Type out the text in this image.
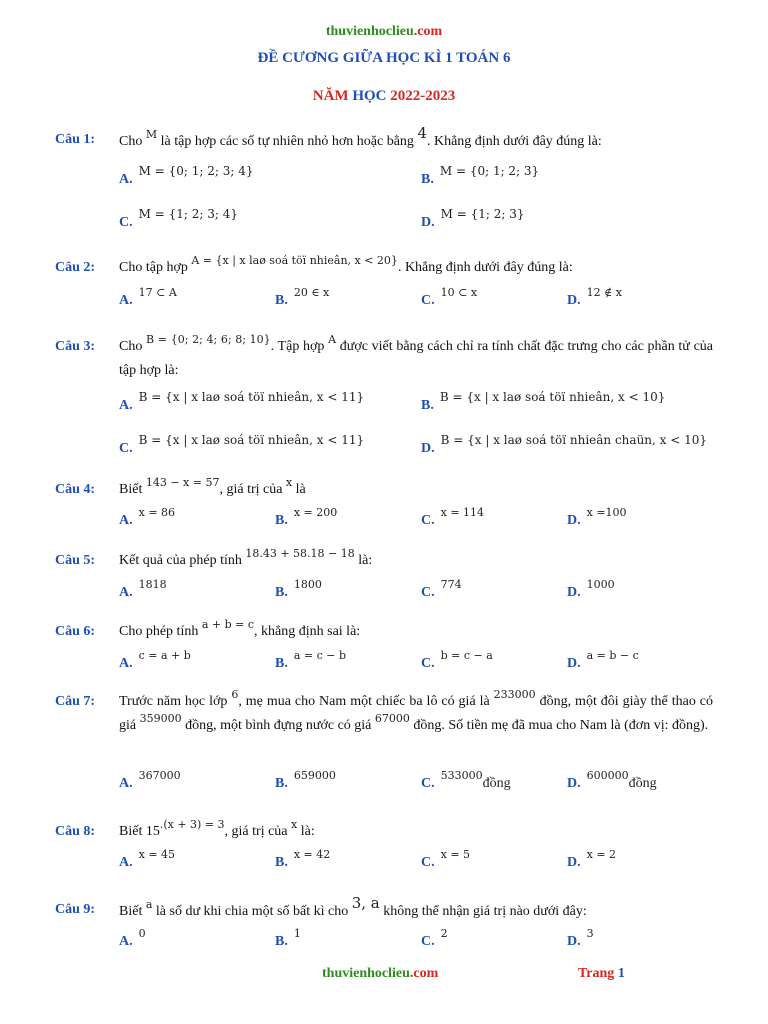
thuvienhoclieu.com
ĐỀ CƯƠNG GIỮA HỌC KÌ 1 TOÁN 6
NĂM HỌC 2022-2023
Câu 1: Cho $^M$ là tập hợp các số tự nhiên nhỏ hơn hoặc bằng 4. Khẳng định dưới đây đúng là:
A.M = {0; 1; 2; 3; 4}
B.M = {0; 1; 2; 3}
C.M = {1; 2; 3; 4}
D.M = {1; 2; 3}
Câu 2: Cho tập hợp $^{A = \{x | x laø soá töï nhieân, x < 20\}}$. Khẳng định dưới đây đúng là:
A.$^{17 \subset A}$
B.$^{20 \in x}$
C.$^{10 \subset x}$
D.$^{12 \notin x}$
Câu 3: Cho $^{B = \{0; 2; 4; 6; 8; 10\}}$. Tập hợp $^A$ được viết bằng cách chỉ ra tính chất đặc trưng cho các phần tử của tập hợp là:
A.B = {x | x laø soá töï nhieân, x < 11}
B.B = {x | x laø soá töï nhieân, x < 10}
C.B = {x | x laø soá töï nhieân, x < 11}
D.B = {x | x laø soá töï nhieân chaün, x < 10}
Câu 4: Biết $^{143 - x = 57}$, giá trị của $^x$ là
A.$^{x = 86}$
B.$^{x = 200}$
C.$^{x = 114}$
D.$^{x =100}$
Câu 5: Kết quả của phép tính $^{18.43 + 58.18 - 18}$ là:
A.$^{1818}$
B.$^{1800}$
C.$^{774}$
D.$^{1000}$
Câu 6: Cho phép tính $^{a + b = c}$, khẳng định sai là:
A.$^{c = a + b}$
B.$^{a = c - b}$
C.$^{b = c - a}$
D.$^{a = b - c}$
Câu 7: Trước năm học lớp $^6$, mẹ mua cho Nam một chiếc ba lô có giá là $^{233000}$ đồng, một đôi giày thể thao có giá $^{359000}$ đồng, một bình đựng nước có giá $^{67000}$ đồng. Số tiền mẹ đã mua cho Nam là (đơn vị: đồng).
A.$^{367000}$
B.$^{659000}$
C.$^{533000đồng}$	D.$^{600000đồng}$
Câu 8: Biết $15^{.(x + 3) = 3}$, giá trị của $^x$ là:
A.$^{x = 45}$
B.$^{x = 42}$
C.$^{x = 5}$
D.$^{x = 2}$
Câu 9: Biết $^a$ là số dư khi chia một số bất kì cho 3, a không thể nhận giá trị nào dưới đây:
A.$^0$
B.$^1$
C.$^2$
D.$^3$
thuvienhoclieu.com	Trang 1
